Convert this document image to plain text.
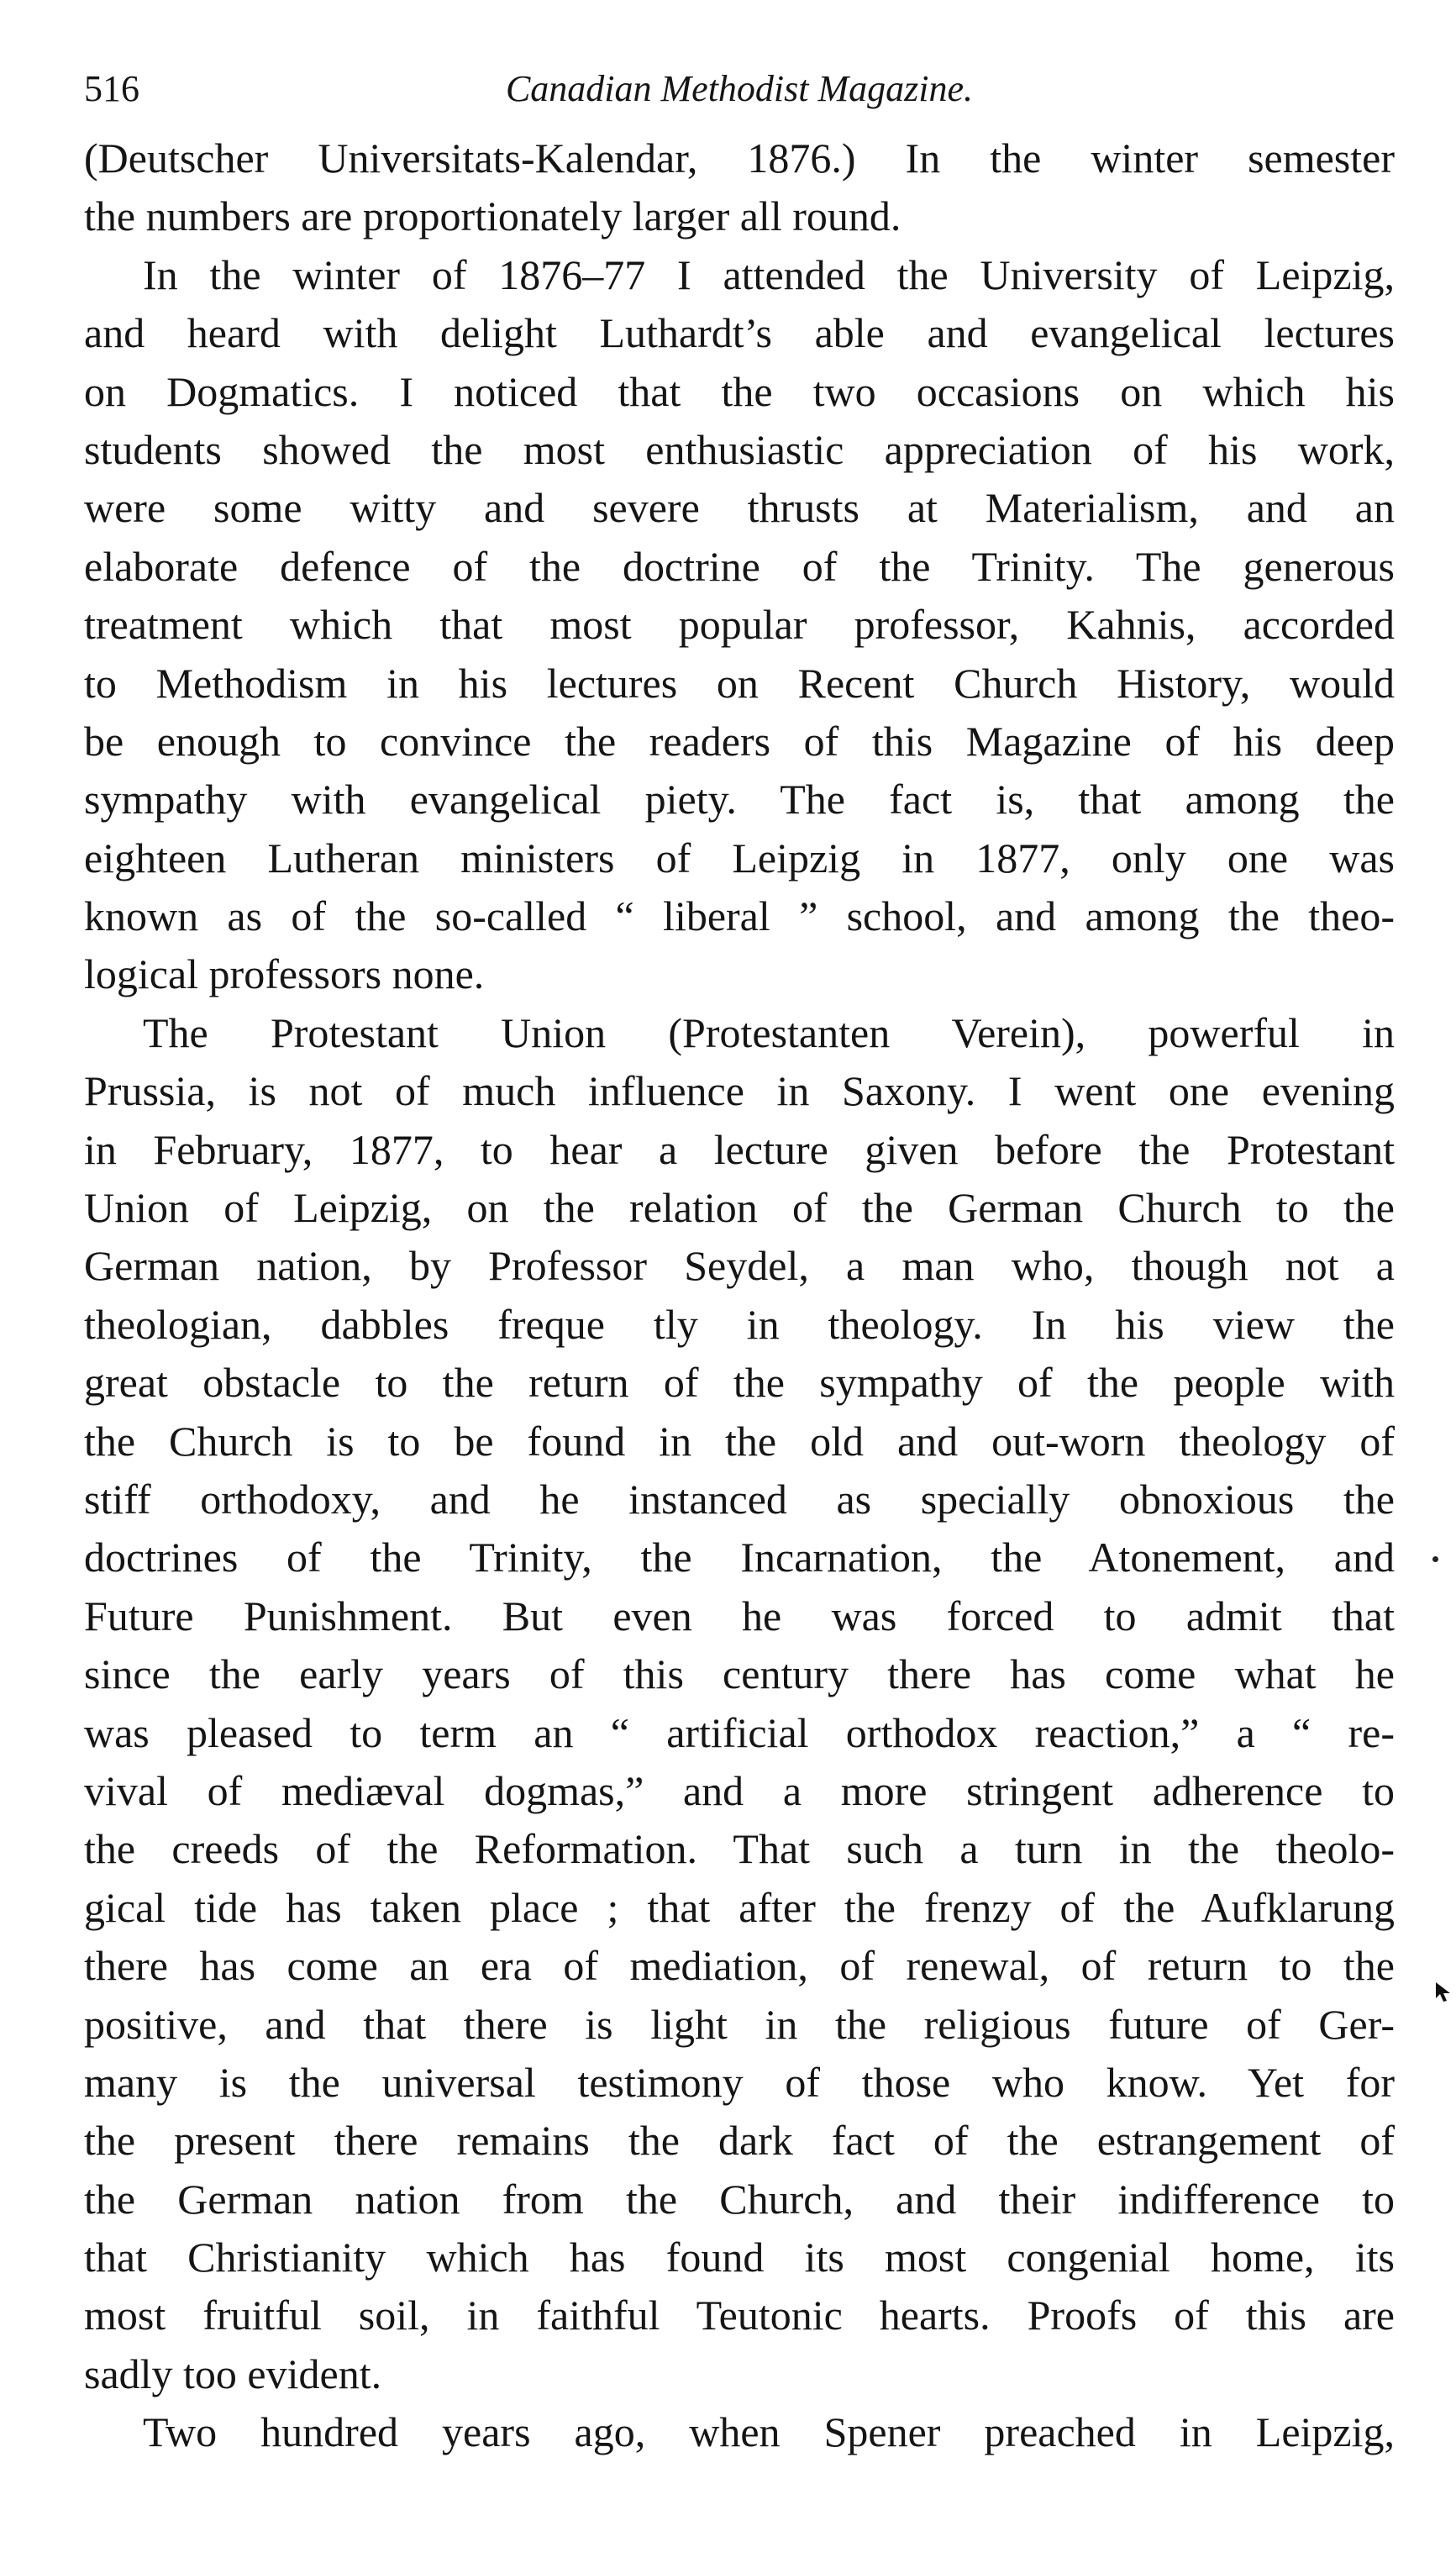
516	Canadian Methodist Magazine.
(Deutscher Universitats-Kalendar, 1876.) In the winter semester
the numbers are proportionately larger all round.
In the winter of 1876–77 I attended the University of Leipzig,
and heard with delight Luthardt’s able and evangelical lectures
on Dogmatics. I noticed that the two occasions on which his
students showed the most enthusiastic appreciation of his work,
were some witty and severe thrusts at Materialism, and an
elaborate defence of the doctrine of the Trinity. The generous
treatment which that most popular professor, Kahnis, accorded
to Methodism in his lectures on Recent Church History, would
be enough to convince the readers of this Magazine of his deep
sympathy with evangelical piety. The fact is, that among the
eighteen Lutheran ministers of Leipzig in 1877, only one was
known as of the so-called “ liberal ” school, and among the theo-
logical professors none.
The Protestant Union (Protestanten Verein), powerful in
Prussia, is not of much influence in Saxony. I went one evening
in February, 1877, to hear a lecture given before the Protestant
Union of Leipzig, on the relation of the German Church to the
German nation, by Professor Seydel, a man who, though not a
theologian, dabbles freque tly in theology. In his view the
great obstacle to the return of the sympathy of the people with
the Church is to be found in the old and out-worn theology of
stiff orthodoxy, and he instanced as specially obnoxious the
doctrines of the Trinity, the Incarnation, the Atonement, and
Future Punishment. But even he was forced to admit that
since the early years of this century there has come what he
was pleased to term an “ artificial orthodox reaction,” a “ re-
vival of mediæval dogmas,” and a more stringent adherence to
the creeds of the Reformation. That such a turn in the theolo-
gical tide has taken place ; that after the frenzy of the Aufklarung
there has come an era of mediation, of renewal, of return to the
positive, and that there is light in the religious future of Ger-
many is the universal testimony of those who know. Yet for
the present there remains the dark fact of the estrangement of
the German nation from the Church, and their indifference to
that Christianity which has found its most congenial home, its
most fruitful soil, in faithful Teutonic hearts. Proofs of this are
sadly too evident.
Two hundred years ago, when Spener preached in Leipzig,
